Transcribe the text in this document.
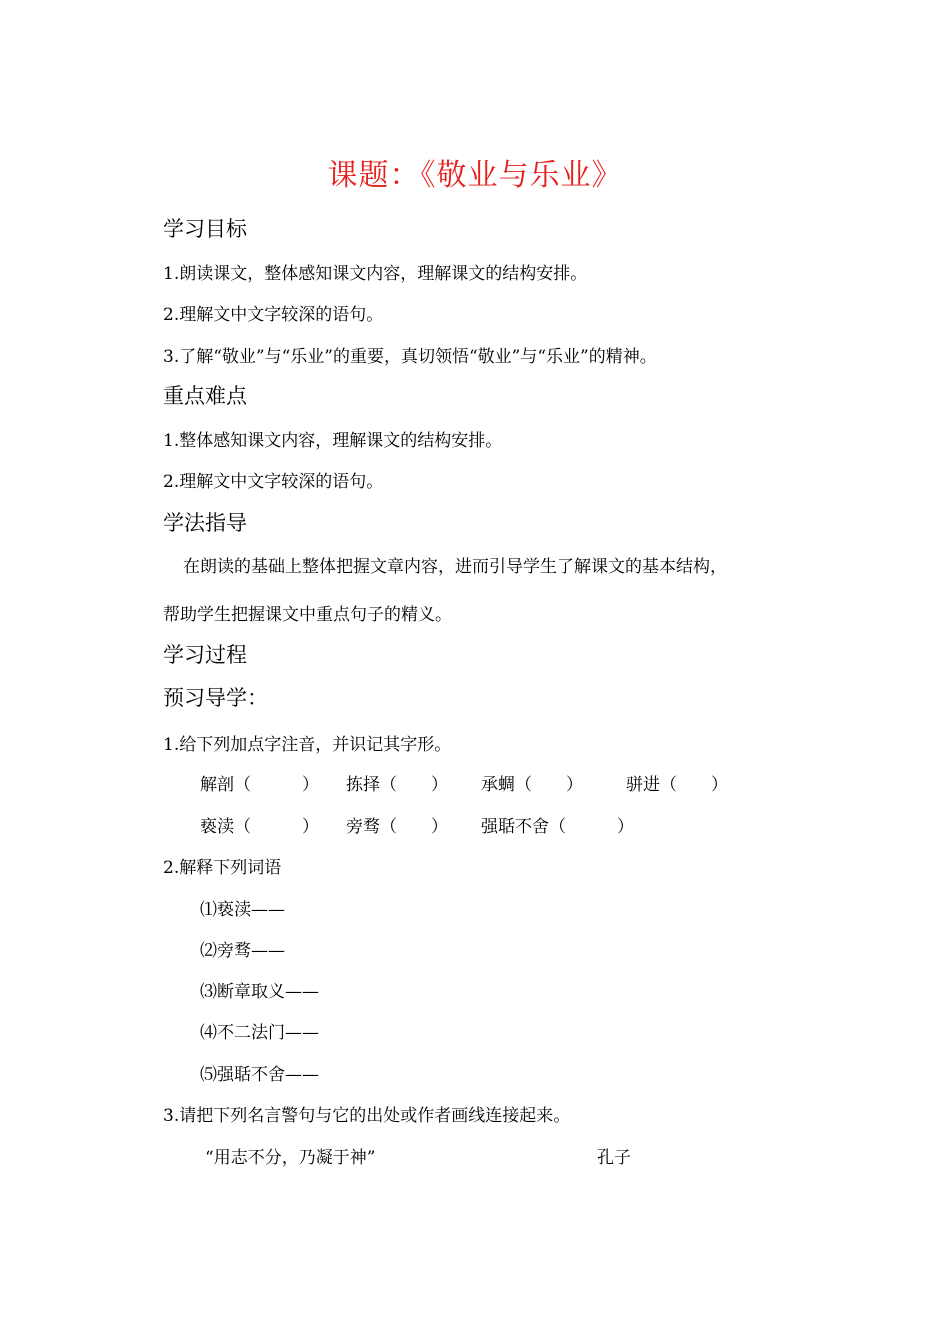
课题：《敬业与乐业》
学习目标
1.朗读课文，整体感知课文内容，理解课文的结构安排。
2.理解文中文字较深的语句。
3.了解“敬业”与“乐业”的重要，真切领悟“敬业”与“乐业”的精神。
重点难点
1.整体感知课文内容，理解课文的结构安排。
2.理解文中文字较深的语句。
学法指导
在朗读的基础上整体把握文章内容，进而引导学生了解课文的基本结构，
帮助学生把握课文中重点句子的精义。
学习过程
预习导学：
1.给下列加点字注音，并识记其字形。
解剖（　　　） 拣择（　　） 承蜩（　　）	骈进（　　）
亵渎（　　　） 旁骛（　　） 强聒不舍（　　　）
2.解释下列词语
⑴亵渎——
⑵旁骛——
⑶断章取义——
⑷不二法门——
⑸强聒不舍——
3.请把下列名言警句与它的出处或作者画线连接起来。
“用志不分，乃凝于神”	孔子
